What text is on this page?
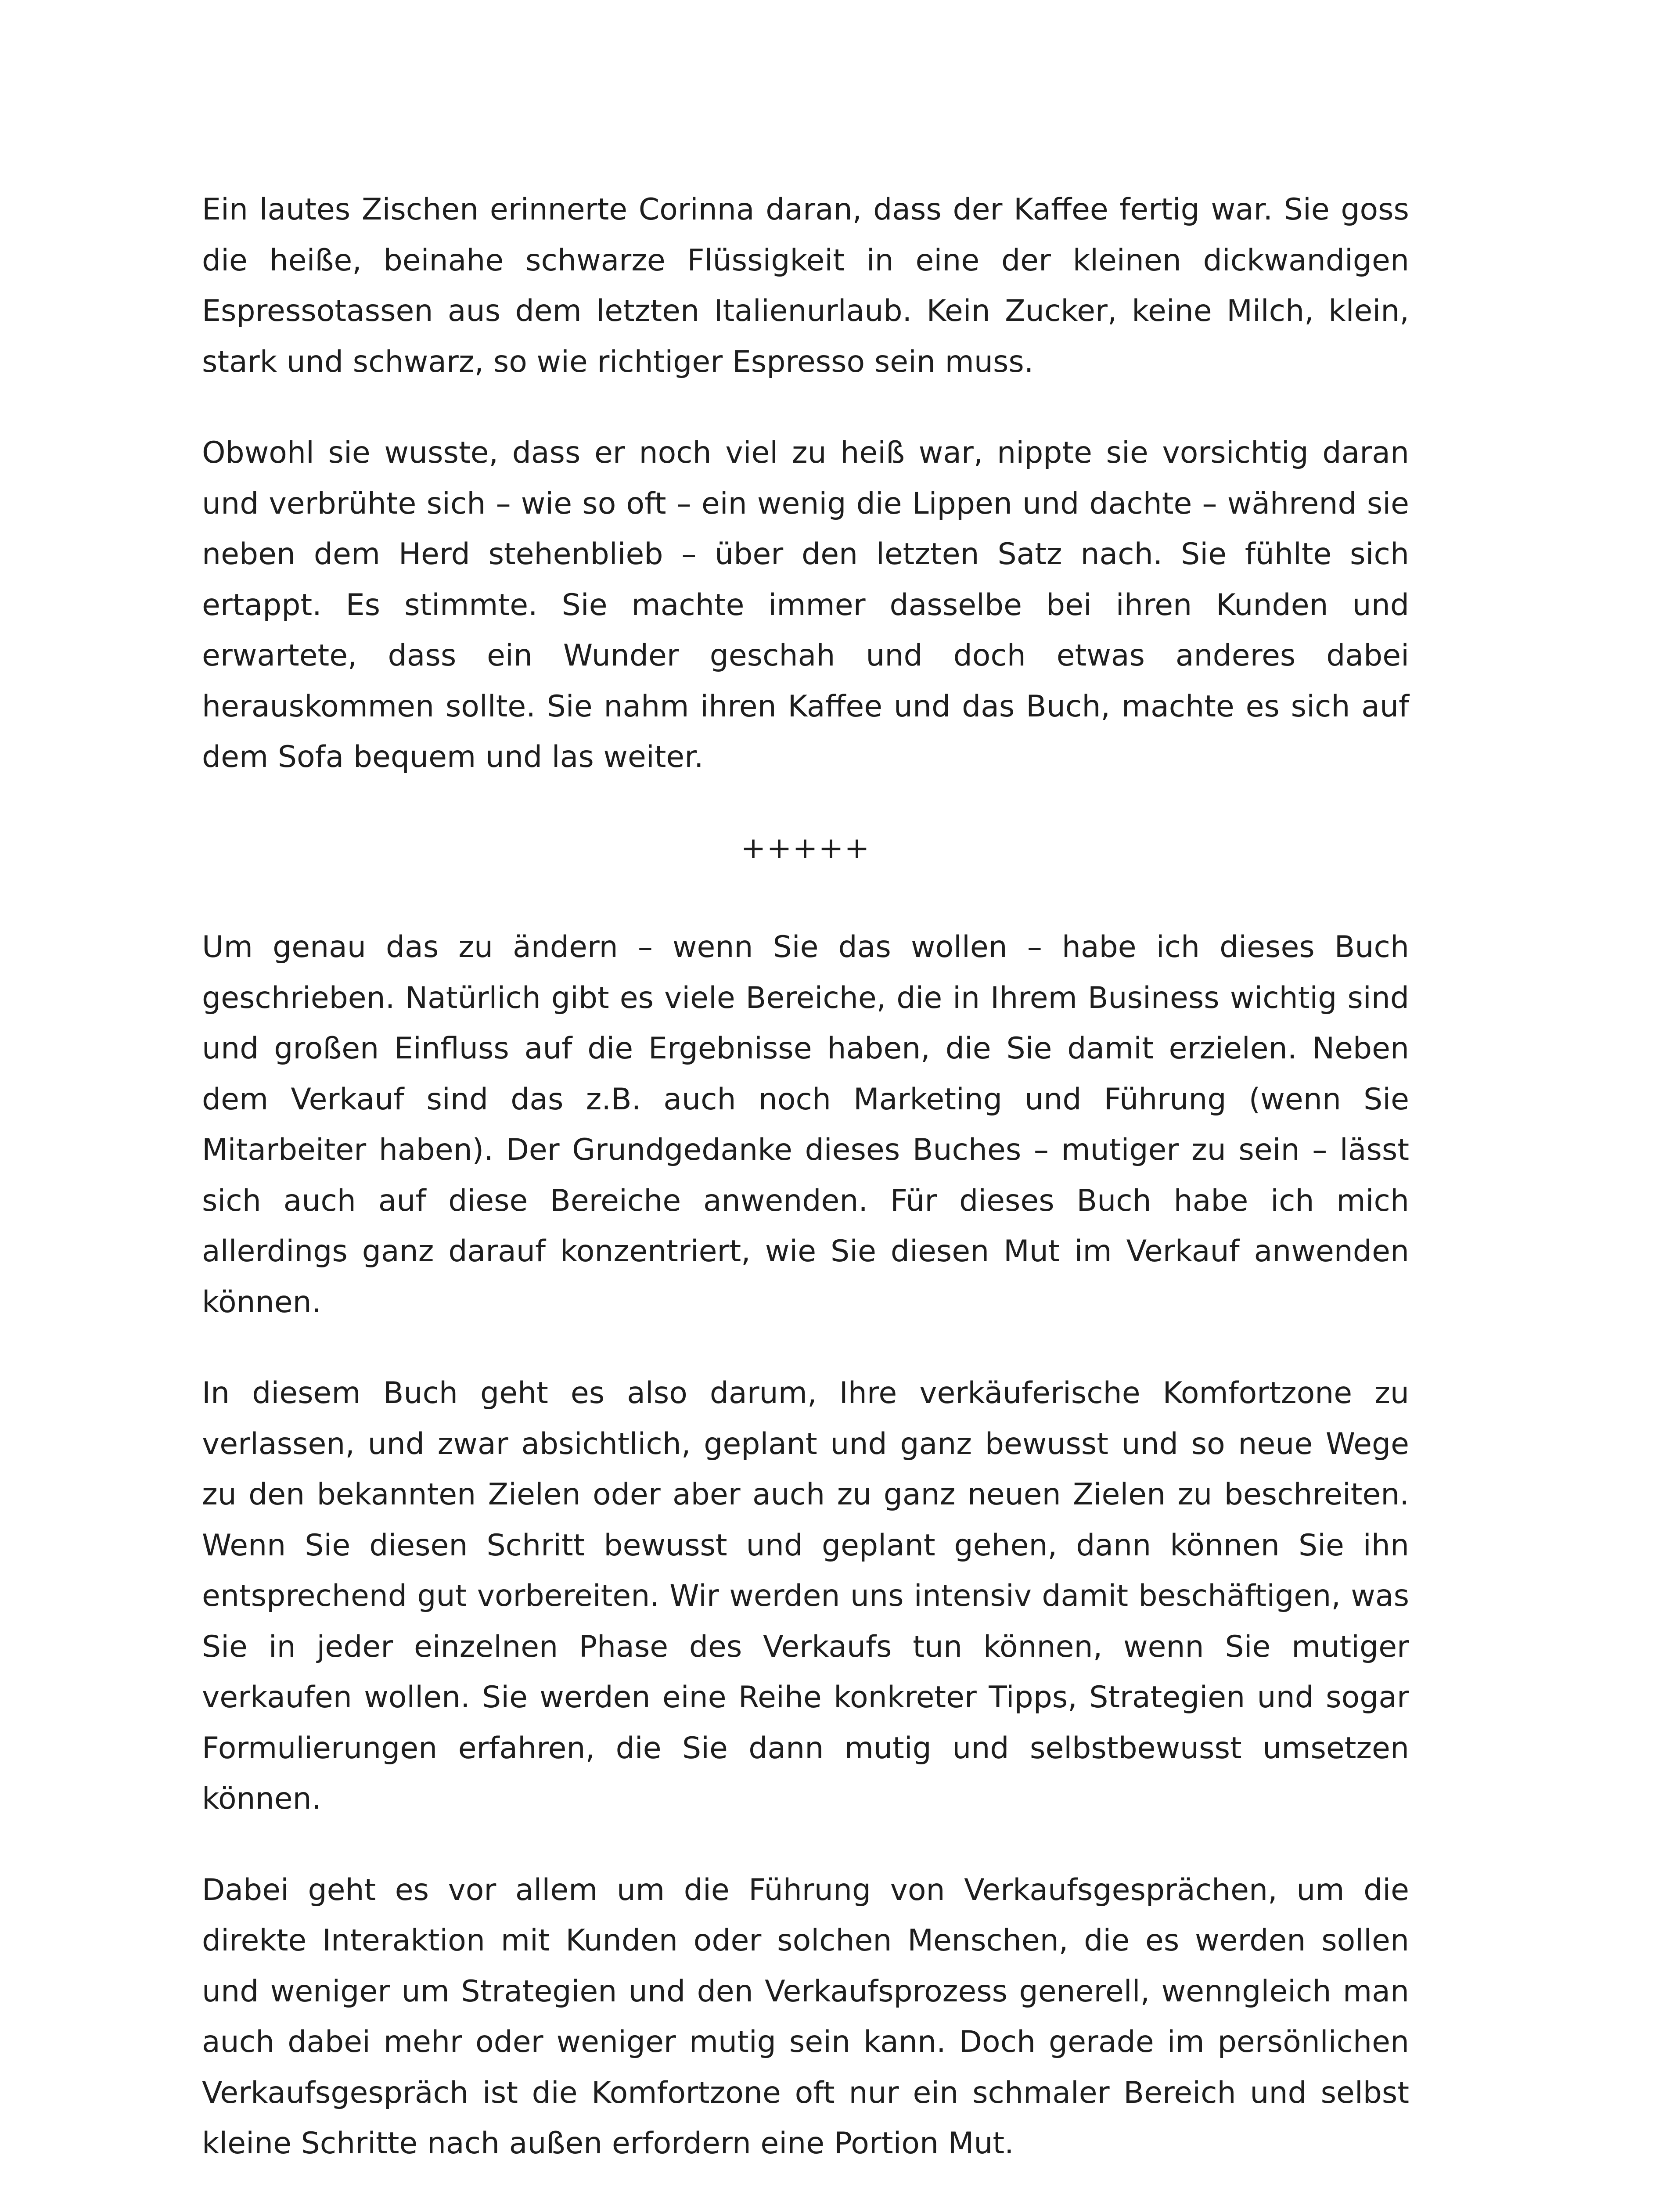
Ein lautes Zischen erinnerte Corinna daran, dass der Kaffee fertig war. Sie goss die heiße, beinahe schwarze Flüssigkeit in eine der kleinen dickwandigen Espressotassen aus dem letzten Italienurlaub. Kein Zucker, keine Milch, klein, stark und schwarz, so wie richtiger Espresso sein muss.

Obwohl sie wusste, dass er noch viel zu heiß war, nippte sie vorsichtig daran und verbrühte sich – wie so oft – ein wenig die Lippen und dachte – während sie neben dem Herd stehenblieb – über den letzten Satz nach. Sie fühlte sich ertappt. Es stimmte. Sie machte immer dasselbe bei ihren Kunden und erwartete, dass ein Wunder geschah und doch etwas anderes dabei herauskommen sollte. Sie nahm ihren Kaffee und das Buch, machte es sich auf dem Sofa bequem und las weiter.

+++++

Um genau das zu ändern – wenn Sie das wollen – habe ich dieses Buch geschrieben. Natürlich gibt es viele Bereiche, die in Ihrem Business wichtig sind und großen Einfluss auf die Ergebnisse haben, die Sie damit erzielen. Neben dem Verkauf sind das z.B. auch noch Marketing und Führung (wenn Sie Mitarbeiter haben). Der Grundgedanke dieses Buches – mutiger zu sein – lässt sich auch auf diese Bereiche anwenden. Für dieses Buch habe ich mich allerdings ganz darauf konzentriert, wie Sie diesen Mut im Verkauf anwenden können.

In diesem Buch geht es also darum, Ihre verkäuferische Komfortzone zu verlassen, und zwar absichtlich, geplant und ganz bewusst und so neue Wege zu den bekannten Zielen oder aber auch zu ganz neuen Zielen zu beschreiten. Wenn Sie diesen Schritt bewusst und geplant gehen, dann können Sie ihn entsprechend gut vorbereiten. Wir werden uns intensiv damit beschäftigen, was Sie in jeder einzelnen Phase des Verkaufs tun können, wenn Sie mutiger verkaufen wollen. Sie werden eine Reihe konkreter Tipps, Strategien und sogar Formulierungen erfahren, die Sie dann mutig und selbstbewusst umsetzen können.

Dabei geht es vor allem um die Führung von Verkaufsgesprächen, um die direkte Interaktion mit Kunden oder solchen Menschen, die es werden sollen und weniger um Strategien und den Verkaufsprozess generell, wenngleich man auch dabei mehr oder weniger mutig sein kann. Doch gerade im persönlichen Verkaufsgespräch ist die Komfortzone oft nur ein schmaler Bereich und selbst kleine Schritte nach außen erfordern eine Portion Mut.
